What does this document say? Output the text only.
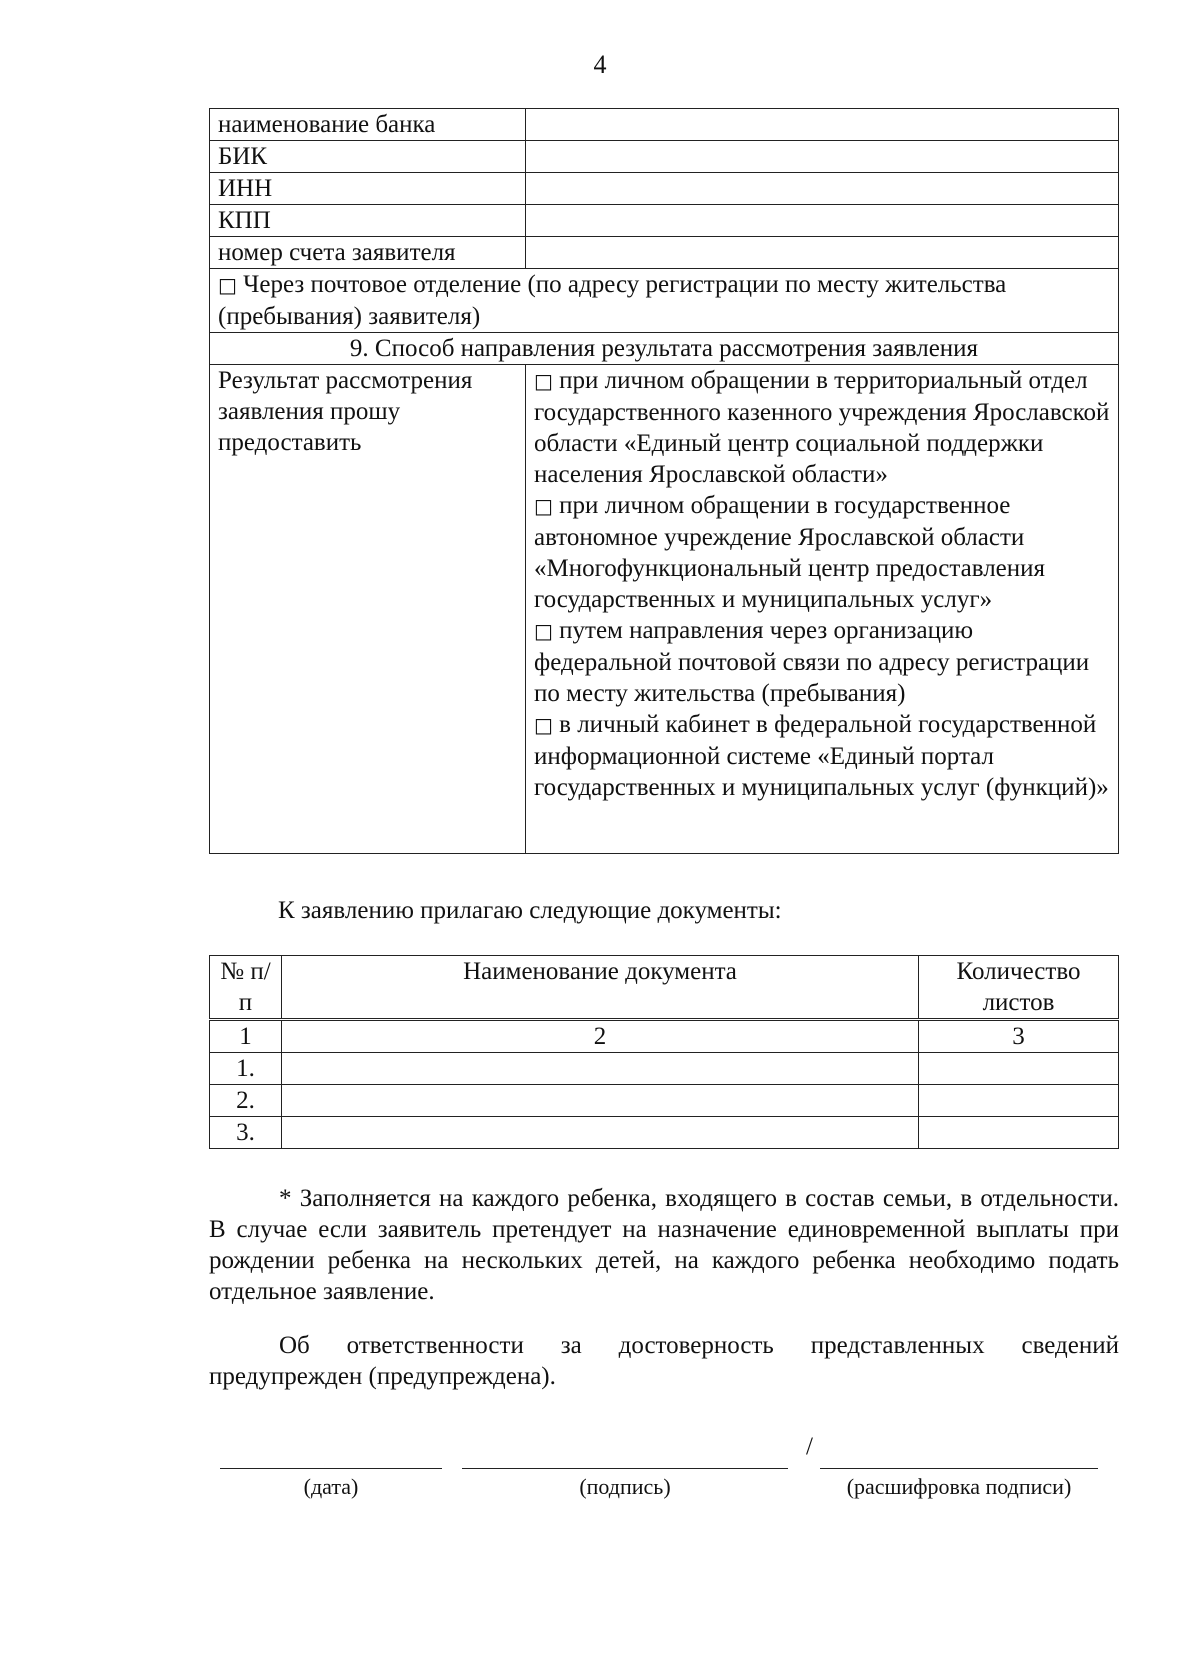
4
наименование банка	
БИК	
ИНН	
КПП	
номер счета заявителя	
□ Через почтовое отделение (по адресу регистрации по месту жительства (пребывания) заявителя)	
9. Способ направления результата рассмотрения заявления	
Результат рассмотрения заявления прошу предоставить	□ при личном обращении в территориальный отдел государственного казенного учреждения Ярославской области «Единый центр социальной поддержки населения Ярославской области»
□ при личном обращении в государственное автономное учреждение Ярославской области «Многофункциональный центр предоставления государственных и муниципальных услуг»
□ путем направления через организацию федеральной почтовой связи по адресу регистрации по месту жительства (пребывания)
□ в личный кабинет в федеральной государственной информационной системе «Единый портал государственных и муниципальных услуг (функций)»
К заявлению прилагаю следующие документы:
№ п/п	Наименование документа	Количество листов
1	2	3
1.		
2.		
3.		
* Заполняется на каждого ребенка, входящего в состав семьи, в отдельности. В случае если заявитель претендует на назначение единовременной выплаты при рождении ребенка на нескольких детей, на каждого ребенка необходимо подать отдельное заявление.
Об ответственности за достоверность представленных сведений предупрежден (предупреждена).
/
(дата)	(подпись)	(расшифровка подписи)
